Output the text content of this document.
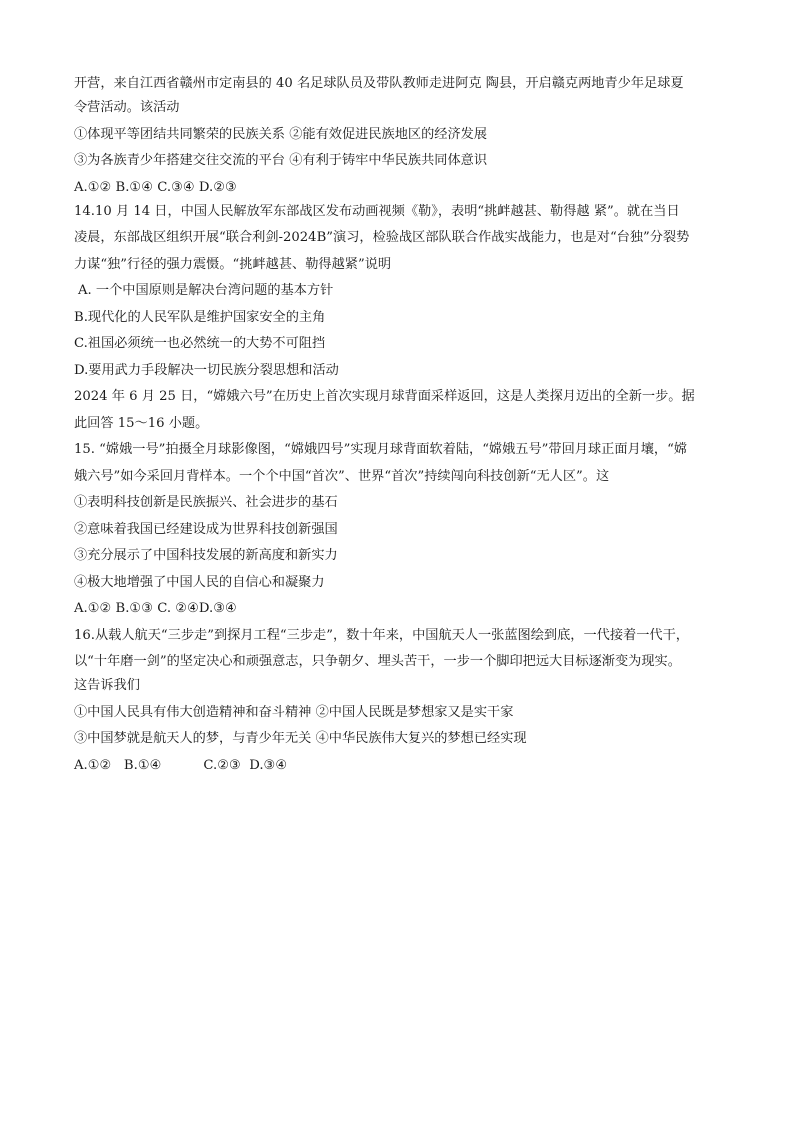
开营，来自江西省赣州市定南县的 40 名足球队员及带队教师走进阿克 陶县，开启赣克两地青少年足球夏

令营活动。该活动

①体现平等团结共同繁荣的民族关系 ②能有效促进民族地区的经济发展

③为各族青少年搭建交往交流的平台 ④有利于铸牢中华民族共同体意识

A.①② B.①④ C.③④ D.②③

14.10 月 14 日，中国人民解放军东部战区发布动画视频《勒》，表明“挑衅越甚、勒得越 紧”。就在当日

凌晨，东部战区组织开展“联合利剑-2024B”演习，检验战区部队联合作战实战能力，也是对“台独”分裂势

力谋“独”行径的强力震慑。“挑衅越甚、勒得越紧”说明

A. 一个中国原则是解决台湾问题的基本方针

B.现代化的人民军队是维护国家安全的主角

C.祖国必须统一也必然统一的大势不可阻挡

D.要用武力手段解决一切民族分裂思想和活动

2024 年 6 月 25 日，“嫦娥六号”在历史上首次实现月球背面采样返回，这是人类探月迈出的全新一步。据

此回答 15～16 小题。

15. “嫦娥一号”拍摄全月球影像图，“嫦娥四号”实现月球背面软着陆，“嫦娥五号”带回月球正面月壤，“嫦

娥六号”如今采回月背样本。一个个中国“首次”、世界“首次”持续闯向科技创新“无人区”。这

①表明科技创新是民族振兴、社会进步的基石

②意味着我国已经建设成为世界科技创新强国

③充分展示了中国科技发展的新高度和新实力

④极大地增强了中国人民的自信心和凝聚力

A.①② B.①③ C. ②④D.③④

16.从载人航天“三步走”到探月工程“三步走”，数十年来，中国航天人一张蓝图绘到底，一代接着一代干，

以“十年磨一剑”的坚定决心和顽强意志，只争朝夕、埋头苦干，一步一个脚印把远大目标逐渐变为现实。

这告诉我们

①中国人民具有伟大创造精神和奋斗精神 ②中国人民既是梦想家又是实干家

③中国梦就是航天人的梦，与青少年无关 ④中华民族伟大复兴的梦想已经实现

A.①②   B.①④          C.②③  D.③④
